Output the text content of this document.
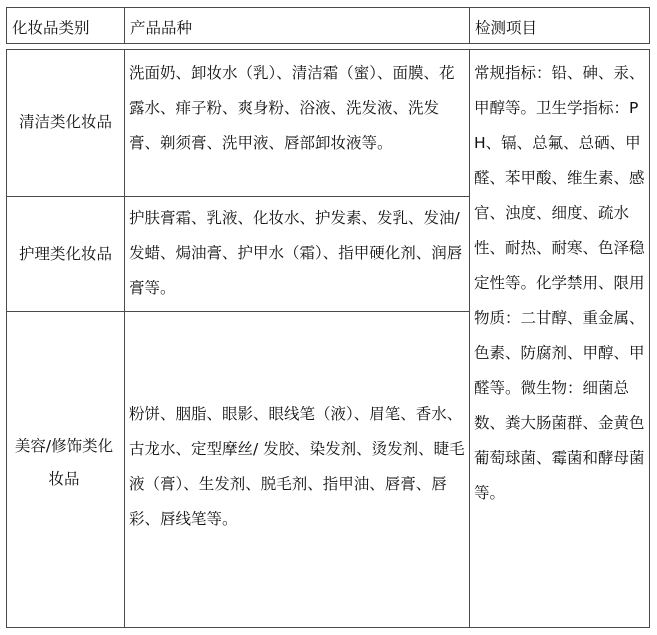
化妆品类别	产品品种	检测项目
清洁类化妆品
洗面奶、卸妆水（乳）、清洁霜（蜜）、面膜、花露水、痱子粉、爽身粉、浴液、洗发液、洗发膏、剃须膏、洗甲液、唇部卸妆液等。
护理类化妆品
护肤膏霜、乳液、化妆水、护发素、发乳、发油/发蜡、焗油膏、护甲水（霜）、指甲硬化剂、润唇膏等。
美容/修饰类化妆品
粉饼、胭脂、眼影、眼线笔（液）、眉笔、香水、古龙水、定型摩丝/ 发胶、染发剂、烫发剂、睫毛液（膏）、生发剂、脱毛剂、指甲油、唇膏、唇彩、唇线笔等。
常规指标：铅、砷、汞、甲醇等。卫生学指标：PH、镉、总氟、总硒、甲醛、苯甲酸、维生素、感官、浊度、细度、疏水性、耐热、耐寒、色泽稳定性等。化学禁用、限用物质：二甘醇、重金属、色素、防腐剂、甲醇、甲醛等。微生物：细菌总数、粪大肠菌群、金黄色葡萄球菌、霉菌和酵母菌等。
